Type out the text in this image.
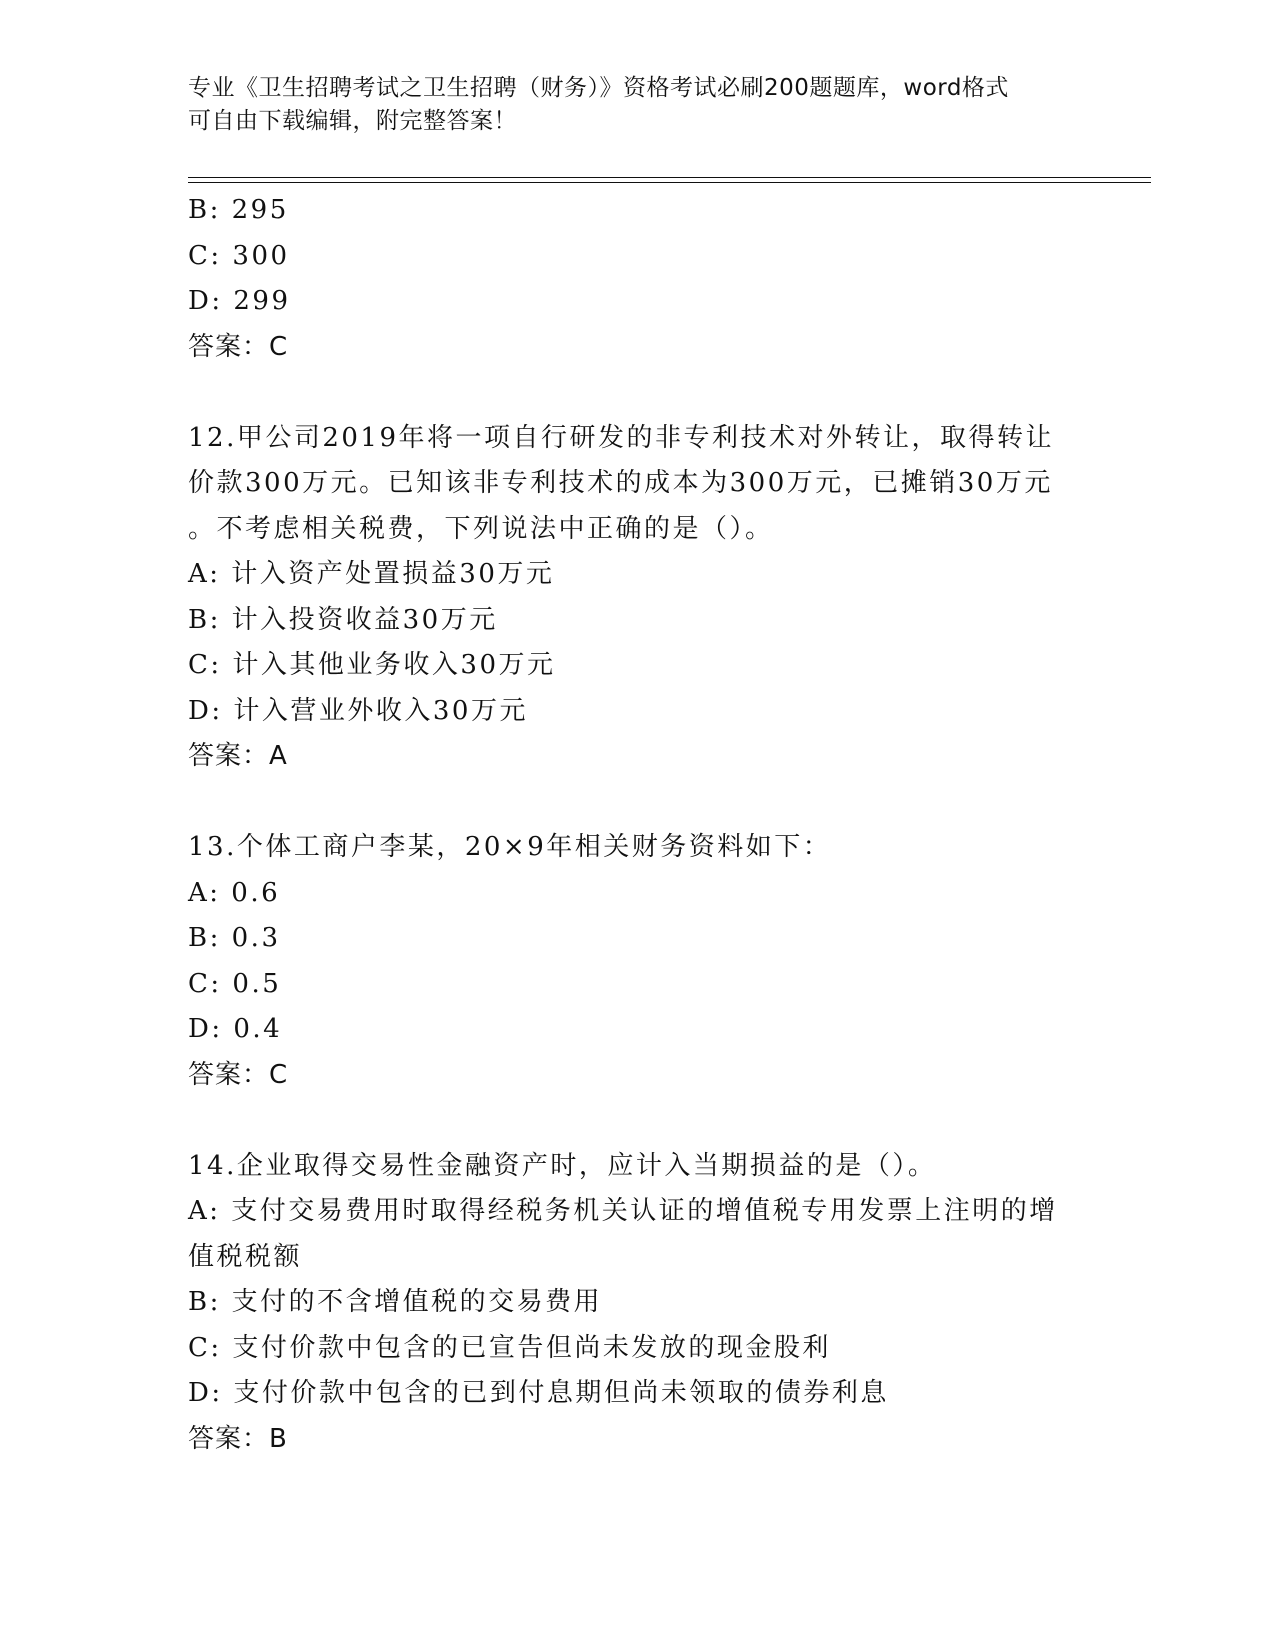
专业《卫生招聘考试之卫生招聘（财务）》资格考试必刷200题题库，word格式
可自由下载编辑，附完整答案！
B: 295
C: 300
D: 299
答案：C
12.甲公司2019年将一项自行研发的非专利技术对外转让，取得转让
价款300万元。已知该非专利技术的成本为300万元，已摊销30万元
。不考虑相关税费，下列说法中正确的是（）。
A: 计入资产处置损益30万元
B: 计入投资收益30万元
C: 计入其他业务收入30万元
D: 计入营业外收入30万元
答案：A
13.个体工商户李某，20×9年相关财务资料如下：
A: 0.6
B: 0.3
C: 0.5
D: 0.4
答案：C
14.企业取得交易性金融资产时，应计入当期损益的是（）。
A: 支付交易费用时取得经税务机关认证的增值税专用发票上注明的增
值税税额
B: 支付的不含增值税的交易费用
C: 支付价款中包含的已宣告但尚未发放的现金股利
D: 支付价款中包含的已到付息期但尚未领取的债券利息
答案：B
